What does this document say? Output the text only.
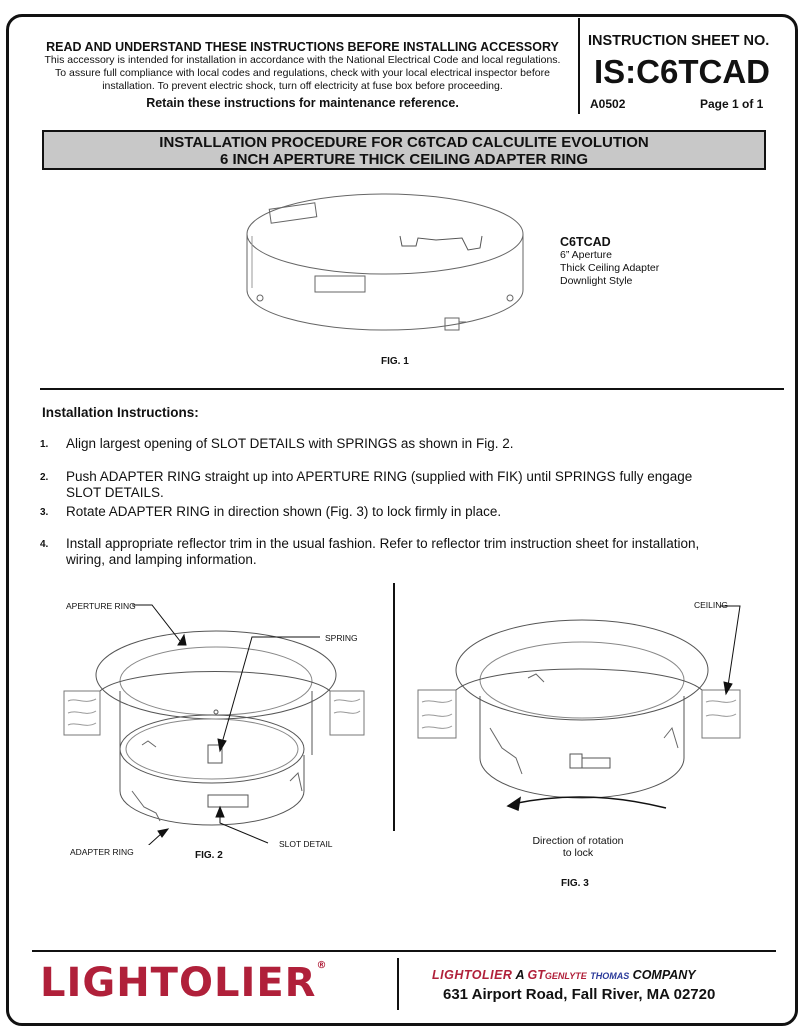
READ AND UNDERSTAND THESE INSTRUCTIONS BEFORE INSTALLING ACCESSORY
This accessory is intended for installation in accordance with the National Electrical Code and local regulations.
To assure full compliance with local codes and regulations, check with your local electrical inspector before
installation. To prevent electric shock, turn off electricity at fuse box before proceeding.
Retain these instructions for maintenance reference.
INSTRUCTION SHEET NO.
IS:C6TCAD
A0502	Page 1 of 1
INSTALLATION PROCEDURE FOR C6TCAD CALCULITE EVOLUTION
6 INCH APERTURE THICK CEILING ADAPTER RING
C6TCAD
6” Aperture
Thick Ceiling Adapter
Downlight Style
FIG. 1
Installation Instructions:
1. Align largest opening of SLOT DETAILS with SPRINGS as shown in Fig. 2.
2. Push ADAPTER RING straight up into APERTURE RING (supplied with FIK) until SPRINGS fully engage SLOT DETAILS.
3. Rotate ADAPTER RING in direction shown (Fig. 3) to lock firmly in place.
4. Install appropriate reflector trim in the usual fashion. Refer to reflector trim instruction sheet for installation, wiring, and lamping information.
APERTURE RING
SPRING
ADAPTER RING
SLOT DETAIL
FIG. 2
CEILING
Direction of rotation
to lock
FIG. 3
LIGHTOLIER®
LIGHTOLIER A GTGENLYTE THOMAS COMPANY
631 Airport Road, Fall River, MA 02720
